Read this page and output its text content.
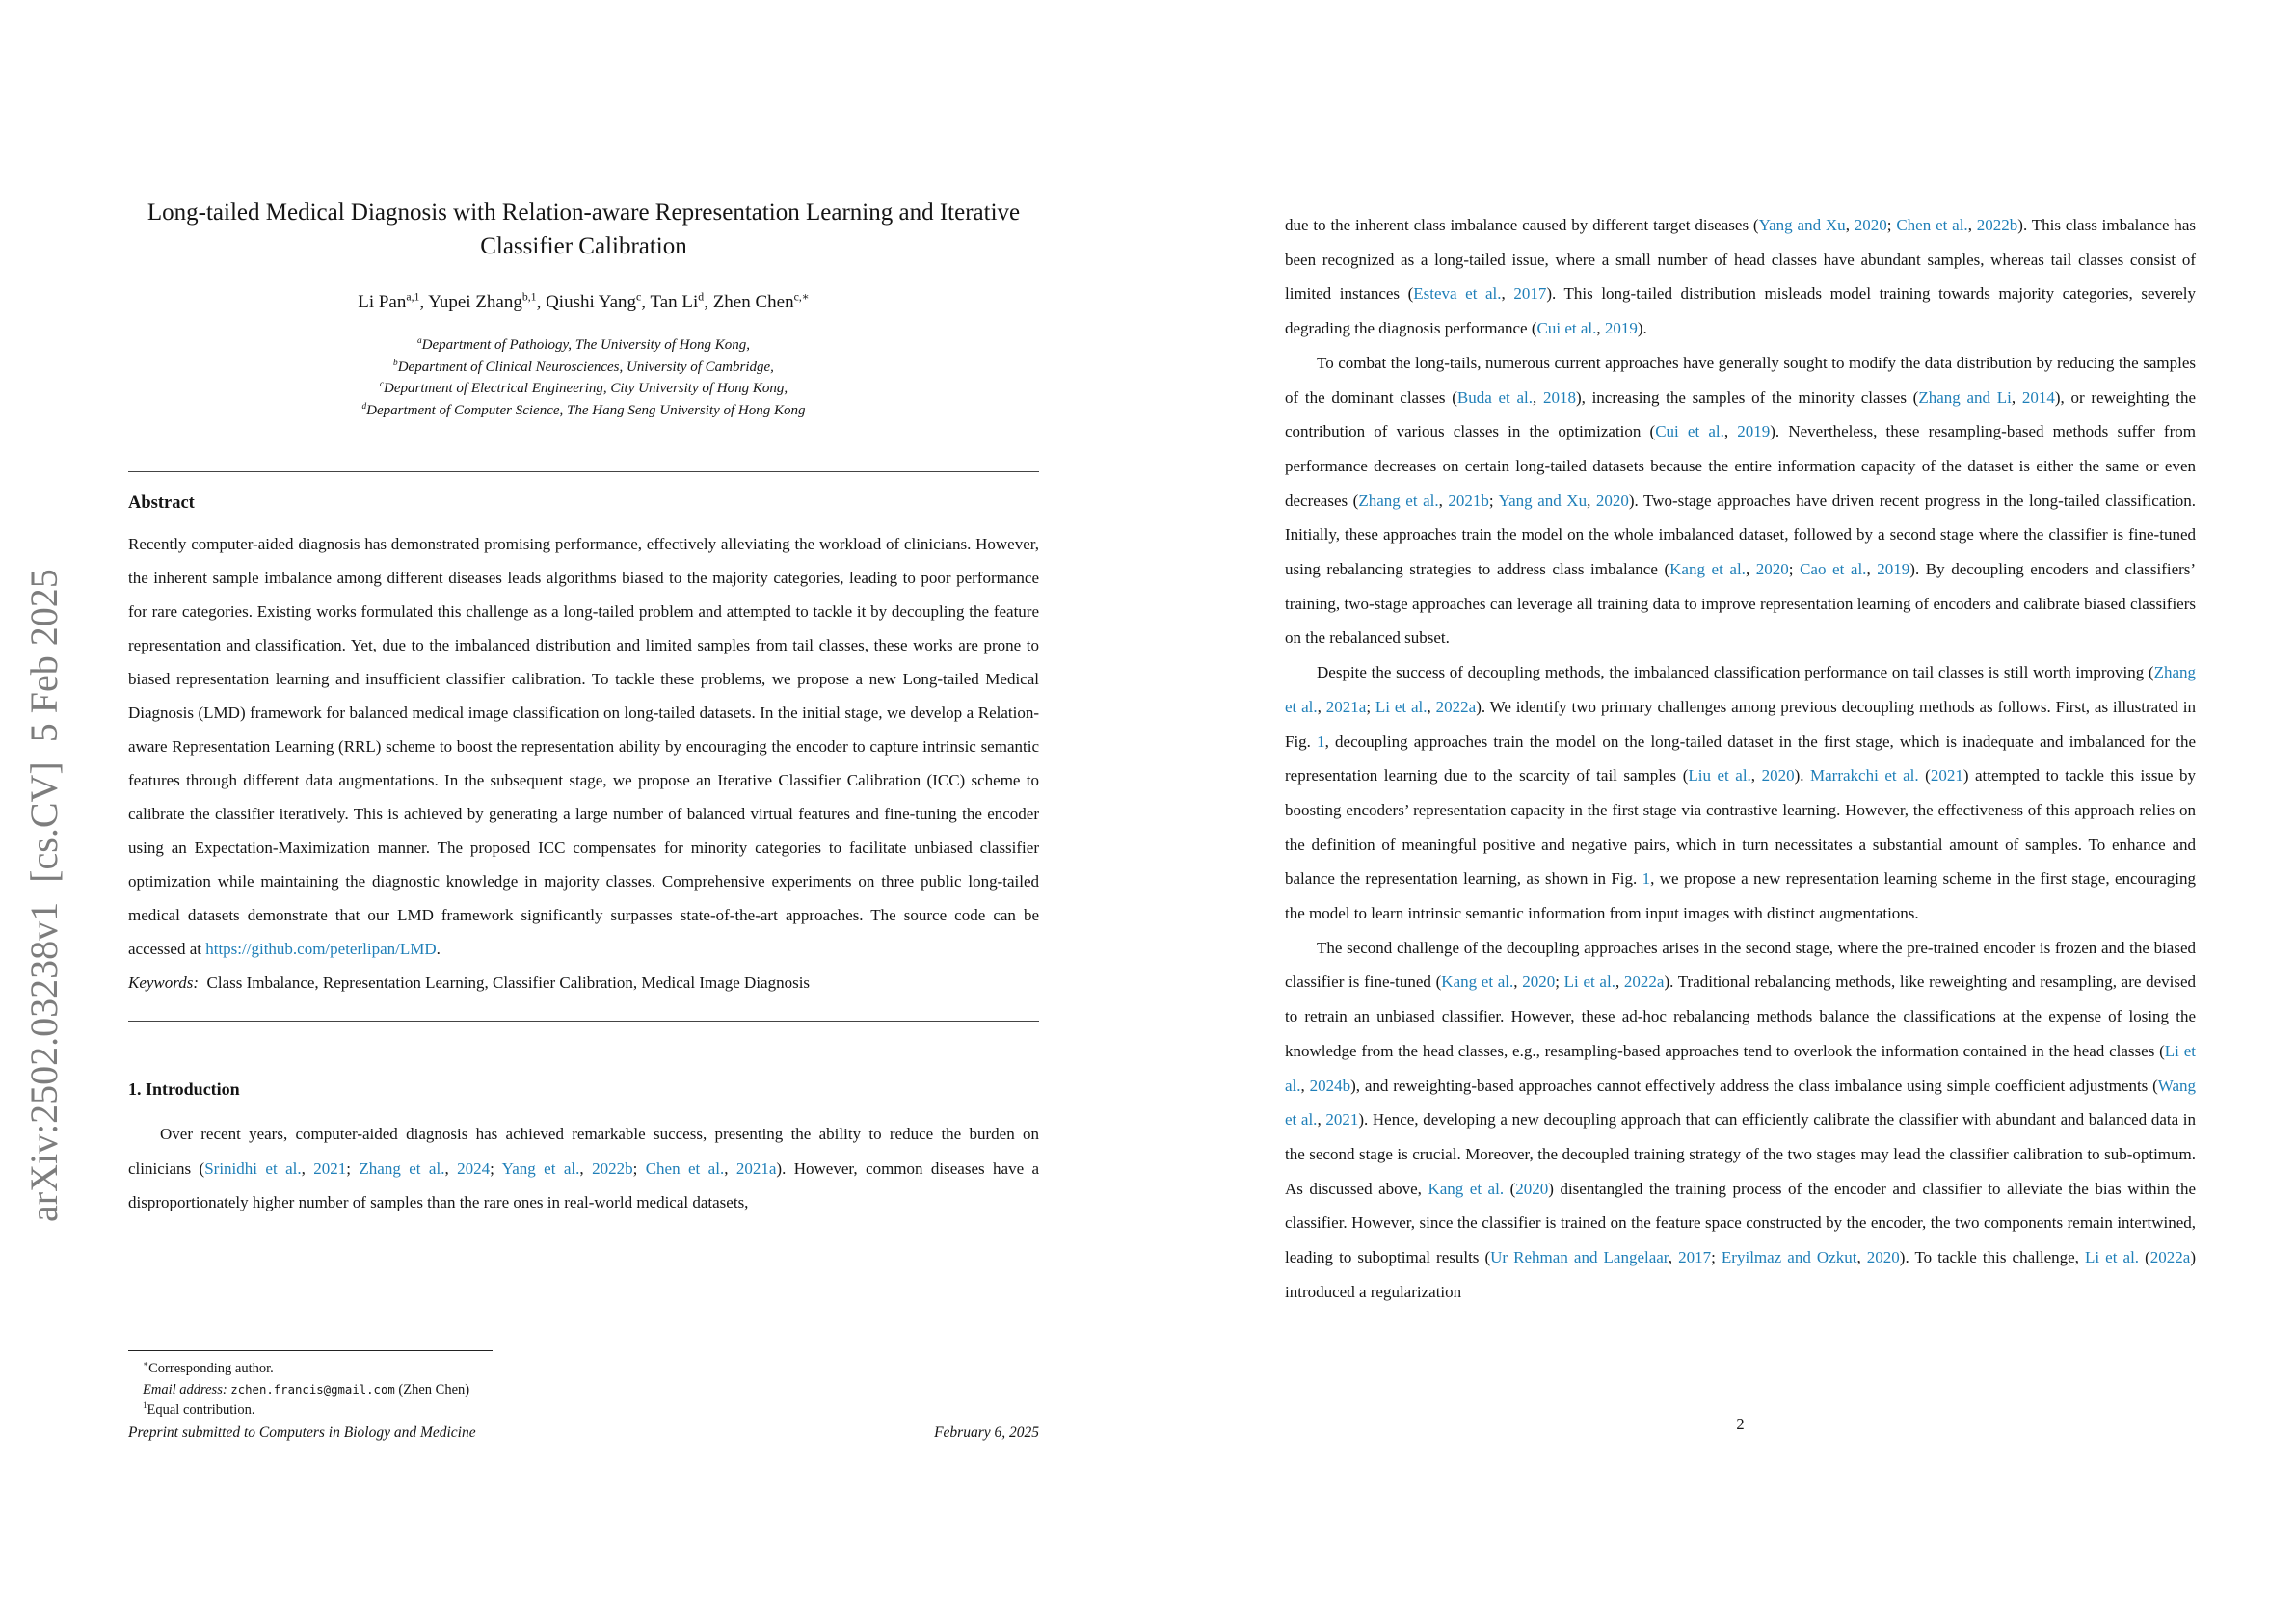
arXiv:2502.03238v1  [cs.CV]  5 Feb 2025
Long-tailed Medical Diagnosis with Relation-aware Representation Learning and Iterative Classifier Calibration
Li Pan$^{a,1}$, Yupei Zhang$^{b,1}$, Qiushi Yang$^c$, Tan Li$^d$, Zhen Chen$^{c,∗}$
$^a$Department of Pathology, The University of Hong Kong,
$^b$Department of Clinical Neurosciences, University of Cambridge,
$^c$Department of Electrical Engineering, City University of Hong Kong,
$^d$Department of Computer Science, The Hang Seng University of Hong Kong
Abstract

Recently computer-aided diagnosis has demonstrated promising performance, effectively alleviating the workload of clinicians. However, the inherent sample imbalance among different diseases leads algorithms biased to the majority categories, leading to poor performance for rare categories. Existing works formulated this challenge as a long-tailed problem and attempted to tackle it by decoupling the feature representation and classification. Yet, due to the imbalanced distribution and limited samples from tail classes, these works are prone to biased representation learning and insufficient classifier calibration. To tackle these problems, we propose a new Long-tailed Medical Diagnosis (LMD) framework for balanced medical image classification on long-tailed datasets. In the initial stage, we develop a Relation-aware Representation Learning (RRL) scheme to boost the representation ability by encouraging the encoder to capture intrinsic semantic features through different data augmentations. In the subsequent stage, we propose an Iterative Classifier Calibration (ICC) scheme to calibrate the classifier iteratively. This is achieved by generating a large number of balanced virtual features and fine-tuning the encoder using an Expectation-Maximization manner. The proposed ICC compensates for minority categories to facilitate unbiased classifier optimization while maintaining the diagnostic knowledge in majority classes. Comprehensive experiments on three public long-tailed medical datasets demonstrate that our LMD framework significantly surpasses state-of-the-art approaches. The source code can be accessed at https://github.com/peterlipan/LMD.

Keywords:  Class Imbalance, Representation Learning, Classifier Calibration, Medical Image Diagnosis

1. Introduction

Over recent years, computer-aided diagnosis has achieved remarkable success, presenting the ability to reduce the burden on clinicians (Srinidhi et al., 2021; Zhang et al., 2024; Yang et al., 2022b; Chen et al., 2021a). However, common diseases have a disproportionately higher number of samples than the rare ones in real-world medical datasets,

∗Corresponding author.
Email address: zchen.francis@gmail.com (Zhen Chen)
$^1$Equal contribution.
Preprint submitted to Computers in Biology and Medicine	February 6, 2025

due to the inherent class imbalance caused by different target diseases (Yang and Xu, 2020; Chen et al., 2022b). This class imbalance has been recognized as a long-tailed issue, where a small number of head classes have abundant samples, whereas tail classes consist of limited instances (Esteva et al., 2017). This long-tailed distribution misleads model training towards majority categories, severely degrading the diagnosis performance (Cui et al., 2019).

To combat the long-tails, numerous current approaches have generally sought to modify the data distribution by reducing the samples of the dominant classes (Buda et al., 2018), increasing the samples of the minority classes (Zhang and Li, 2014), or reweighting the contribution of various classes in the optimization (Cui et al., 2019). Nevertheless, these resampling-based methods suffer from performance decreases on certain long-tailed datasets because the entire information capacity of the dataset is either the same or even decreases (Zhang et al., 2021b; Yang and Xu, 2020). Two-stage approaches have driven recent progress in the long-tailed classification. Initially, these approaches train the model on the whole imbalanced dataset, followed by a second stage where the classifier is fine-tuned using rebalancing strategies to address class imbalance (Kang et al., 2020; Cao et al., 2019). By decoupling encoders and classifiers’ training, two-stage approaches can leverage all training data to improve representation learning of encoders and calibrate biased classifiers on the rebalanced subset.

Despite the success of decoupling methods, the imbalanced classification performance on tail classes is still worth improving (Zhang et al., 2021a; Li et al., 2022a). We identify two primary challenges among previous decoupling methods as follows. First, as illustrated in Fig. 1, decoupling approaches train the model on the long-tailed dataset in the first stage, which is inadequate and imbalanced for the representation learning due to the scarcity of tail samples (Liu et al., 2020). Marrakchi et al. (2021) attempted to tackle this issue by boosting encoders’ representation capacity in the first stage via contrastive learning. However, the effectiveness of this approach relies on the definition of meaningful positive and negative pairs, which in turn necessitates a substantial amount of samples. To enhance and balance the representation learning, as shown in Fig. 1, we propose a new representation learning scheme in the first stage, encouraging the model to learn intrinsic semantic information from input images with distinct augmentations.

The second challenge of the decoupling approaches arises in the second stage, where the pre-trained encoder is frozen and the biased classifier is fine-tuned (Kang et al., 2020; Li et al., 2022a). Traditional rebalancing methods, like reweighting and resampling, are devised to retrain an unbiased classifier. However, these ad-hoc rebalancing methods balance the classifications at the expense of losing the knowledge from the head classes, e.g., resampling-based approaches tend to overlook the information contained in the head classes (Li et al., 2024b), and reweighting-based approaches cannot effectively address the class imbalance using simple coefficient adjustments (Wang et al., 2021). Hence, developing a new decoupling approach that can efficiently calibrate the classifier with abundant and balanced data in the second stage is crucial. Moreover, the decoupled training strategy of the two stages may lead the classifier calibration to sub-optimum. As discussed above, Kang et al. (2020) disentangled the training process of the encoder and classifier to alleviate the bias within the classifier. However, since the classifier is trained on the feature space constructed by the encoder, the two components remain intertwined, leading to suboptimal results (Ur Rehman and Langelaar, 2017; Eryilmaz and Ozkut, 2020). To tackle this challenge, Li et al. (2022a) introduced a regularization

2
